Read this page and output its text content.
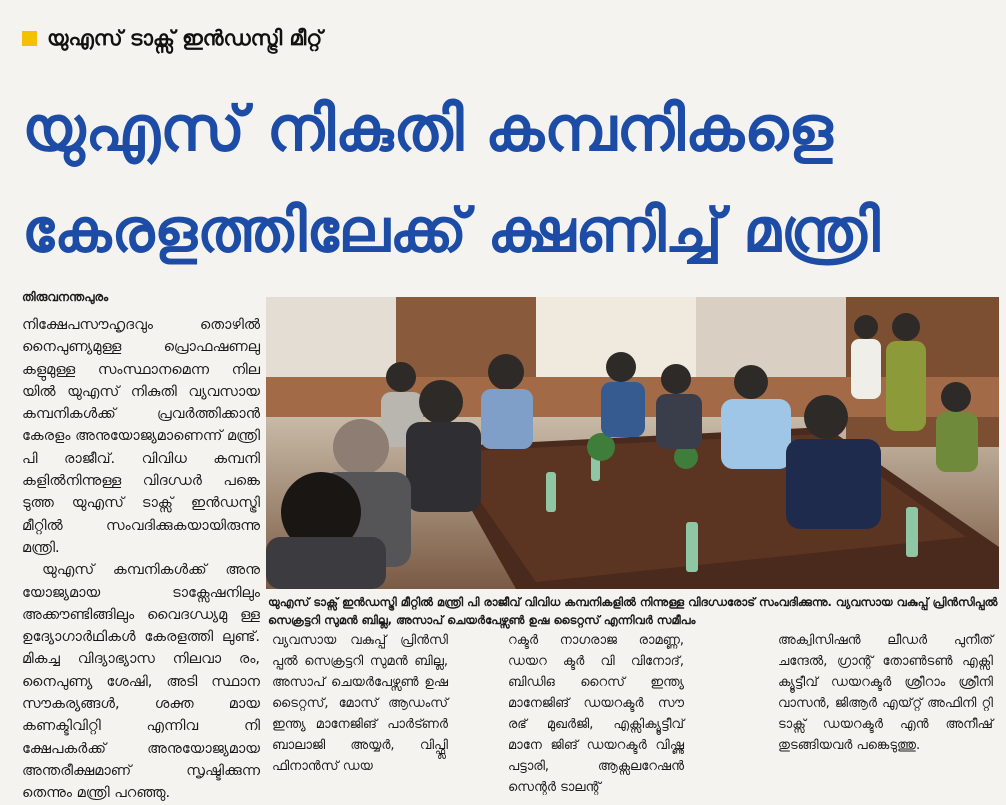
യുഎസ് ടാക്സ് ഇൻഡസ്ട്രി മീറ്റ്
യുഎസ് നികുതി കമ്പനികളെ
കേരളത്തിലേക്ക് ക്ഷണിച്ച് മന്ത്രി
തിരുവനന്തപുരം

നിക്ഷേപസൗഹൃദവും തൊഴിൽ നൈപുണ്യമുള്ള പ്രൊഫഷണലു കളുമുള്ള സംസ്ഥാനമെന്ന നില യിൽ യുഎസ് നികുതി വ്യവസായ കമ്പനികൾക്ക് പ്രവർത്തിക്കാൻ കേരളം അനുയോജ്യമാണെന്ന് മന്ത്രി പി രാജീവ്. വിവിധ കമ്പനി കളിൽനിന്നുള്ള വിദഗ്ധർ പങ്കെ ടുത്ത യുഎസ് ടാക്സ് ഇൻഡസ്ട്രി മീറ്റിൽ സംവദിക്കുകയായിരുന്നു മന്ത്രി.

യുഎസ് കമ്പനികൾക്ക് അനു യോജ്യമായ ടാക്സേഷനിലും അക്കൗണ്ടിങ്ങിലും വൈദഗ്ധ്യമു ള്ള ഉദ്യോഗാർഥികൾ കേരളത്തി ലുണ്ട്. മികച്ച വിദ്യാഭ്യാസ നിലവാ രം, നൈപുണ്യ ശേഷി, അടി സ്ഥാന സൗകര്യങ്ങൾ, ശക്ത മായ കണക്ടിവിറ്റി എന്നിവ നി ക്ഷേപകർക്ക് അനുയോജ്യമായ അന്തരീക്ഷമാണ് സൃഷ്ടിക്കുന്ന തെന്നും മന്ത്രി പറഞ്ഞു.

യുഎസ് ടാക്സ് ഇൻഡസ്ട്രി മീറ്റിൽ മന്ത്രി പി രാജീവ് വിവിധ കമ്പനികളിൽ നിന്നുള്ള വിദഗ്ധരോട് സംവദിക്കുന്നു. വ്യവസായ വകുപ്പ് പ്രിൻസിപ്പൽ സെക്രട്ടറി സുമൻ ബില്ല, അസാപ് ചെയർപേഴ്സൺ ഉഷ ടൈറ്റസ് എന്നിവർ സമീപം

വ്യവസായ വകുപ്പ് പ്രിൻസി പ്പൽ സെക്രട്ടറി സുമൻ ബില്ല, അസാപ് ചെയർപേഴ്സൺ ഉഷ ടൈറ്റസ്, മോസ് ആഡംസ് ഇന്ത്യ മാനേജിങ് പാർട്ണർ ബാലാജി അയ്യർ, വിപ്ഫ്ലി ഫിനാൻസ് ഡയ

റക്ടർ നാഗരാജ രാമണ്ണ, ഡയറ ക്ടർ വി വിനോദ്, ബിഡിഒ റൈസ് ഇന്ത്യ മാനേജിങ് ഡയറക്ടർ സൗ രഭ് മുഖർജി, എക്സിക്യൂട്ടീവ് മാനേ ജിങ് ഡയറക്ടർ വിഷ്ണു പട്ടാരി, ആക്സലറേഷൻ സെന്റർ ടാലന്റ്

അക്വിസിഷൻ ലീഡർ പുനീത് ചന്ദേൽ, ഗ്രാന്റ് തോൺടൺ എക്സി ക്യൂട്ടീവ് ഡയറക്ടർ ശ്രീറാം ശ്രീനി വാസൻ, ജിആർ എയ്റ്റ് അഫിനി റ്റി ടാക്സ് ഡയറക്ടർ എൻ അനീഷ് തുടങ്ങിയവർ പങ്കെടുത്തു.
